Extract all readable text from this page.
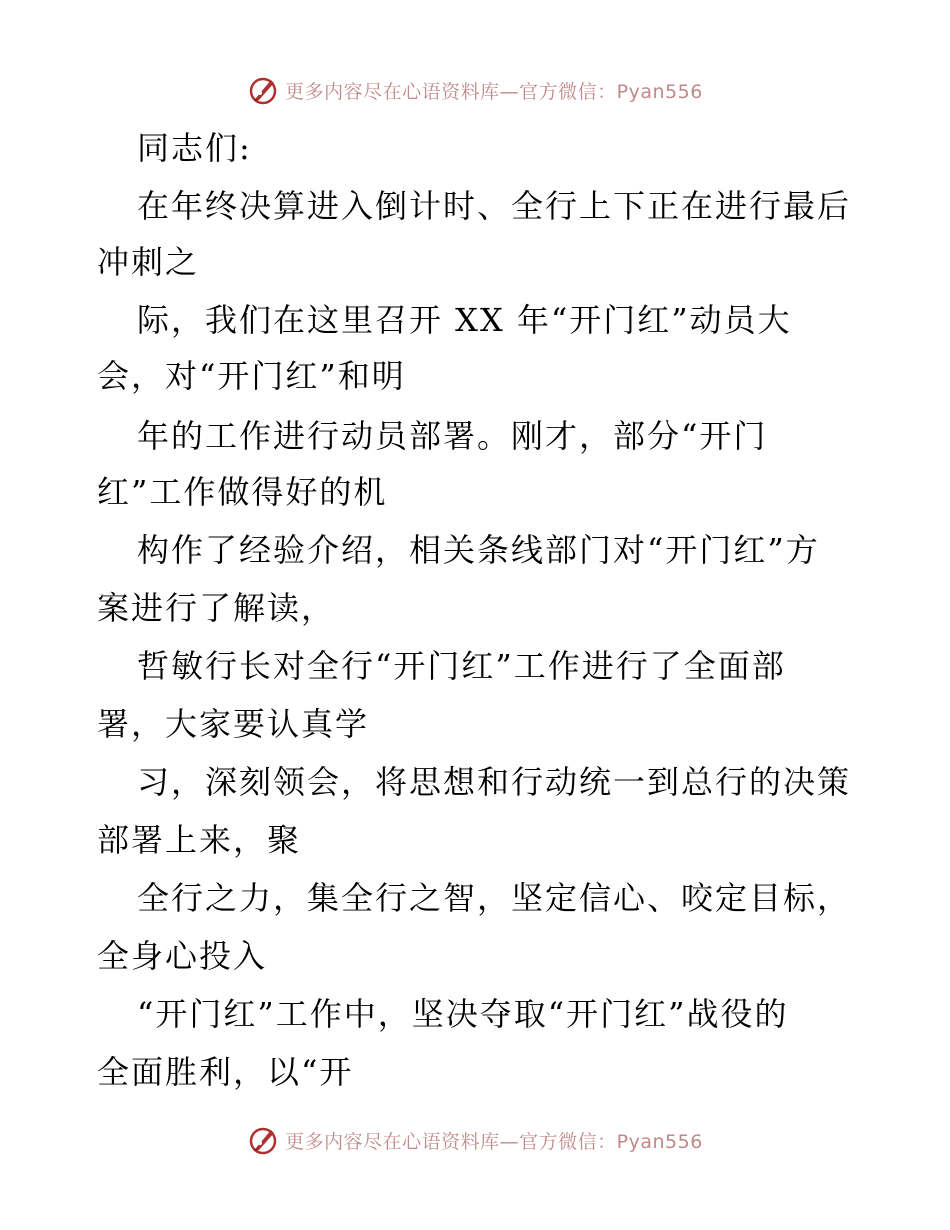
更多内容尽在心语资料库—官方微信：Pyan556
同志们:
在年终决算进入倒计时、全行上下正在进行最后
冲刺之
际，我们在这里召开 XX 年“开门红”动员大
会，对“开门红”和明
年的工作进行动员部署。刚才，部分“开门
红”工作做得好的机
构作了经验介绍，相关条线部门对“开门红”方
案进行了解读，
哲敏行长对全行“开门红”工作进行了全面部
署，大家要认真学
习，深刻领会，将思想和行动统一到总行的决策
部署上来，聚
全行之力，集全行之智，坚定信心、咬定目标，
全身心投入
“开门红”工作中，坚决夺取“开门红”战役的
全面胜利，以“开
更多内容尽在心语资料库—官方微信：Pyan556
